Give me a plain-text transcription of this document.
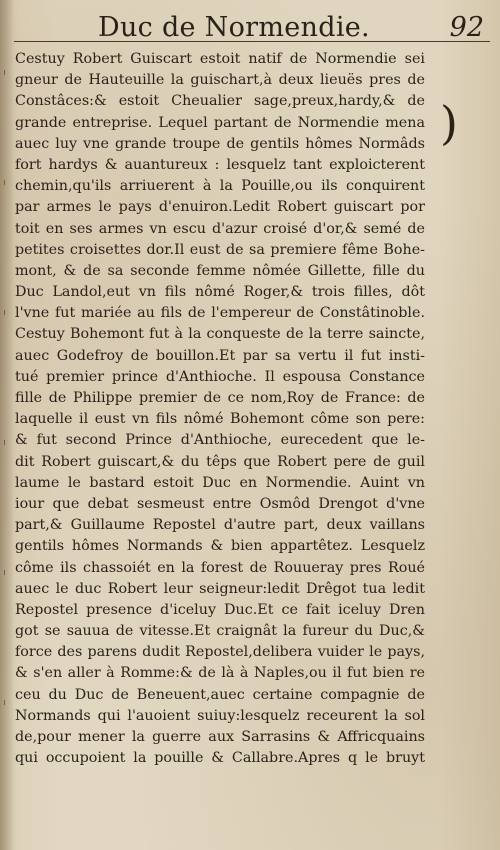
Duc de Normendie.	92
Cestuy Robert Guiscart estoit natif de Normendie sei
gneur de Hauteuille la guischart,à deux lieuës pres de
Constâces:& estoit Cheualier sage,preux,hardy,& de
grande entreprise. Lequel partant de Normendie mena
auec luy vne grande troupe de gentils hômes Normâds
fort hardys & auantureux : lesquelz tant exploicterent
chemin,qu'ils arriuerent à la Pouille,ou ils conquirent
par armes le pays d'enuiron.Ledit Robert guiscart por
toit en ses armes vn escu d'azur croisé d'or,& semé de
petites croisettes dor.Il eust de sa premiere fême Bohe-
mont, & de sa seconde femme nômée Gillette, fille du
Duc Landol,eut vn fils nômé Roger,& trois filles, dôt
l'vne fut mariée au fils de l'empereur de Constâtinoble.
Cestuy Bohemont fut à la conqueste de la terre saincte,
auec Godefroy de bouillon.Et par sa vertu il fut insti-
tué premier prince d'Anthioche. Il espousa Constance
fille de Philippe premier de ce nom,Roy de France: de
laquelle il eust vn fils nômé Bohemont côme son pere:
& fut second Prince d'Anthioche, eurecedent que le-
dit Robert guiscart,& du têps que Robert pere de guil
laume le bastard estoit Duc en Normendie. Auint vn
iour que debat sesmeust entre Osmôd Drengot d'vne
part,& Guillaume Repostel d'autre part, deux vaillans
gentils hômes Normands & bien appartêtez. Lesquelz
côme ils chassoiét en la forest de Rouueray pres Roué
auec le duc Robert leur seigneur:ledit Drêgot tua ledit
Repostel presence d'iceluy Duc.Et ce fait iceluy Dren
got se sauua de vitesse.Et craignât la fureur du Duc,&
force des parens dudit Repostel,delibera vuider le pays,
& s'en aller à Romme:& de là à Naples,ou il fut bien re
ceu du Duc de Beneuent,auec certaine compagnie de
Normands qui l'auoient suiuy:lesquelz receurent la sol
de,pour mener la guerre aux Sarrasins & Affricquains
qui occupoient la pouille & Callabre.Apres q le bruyt
)
